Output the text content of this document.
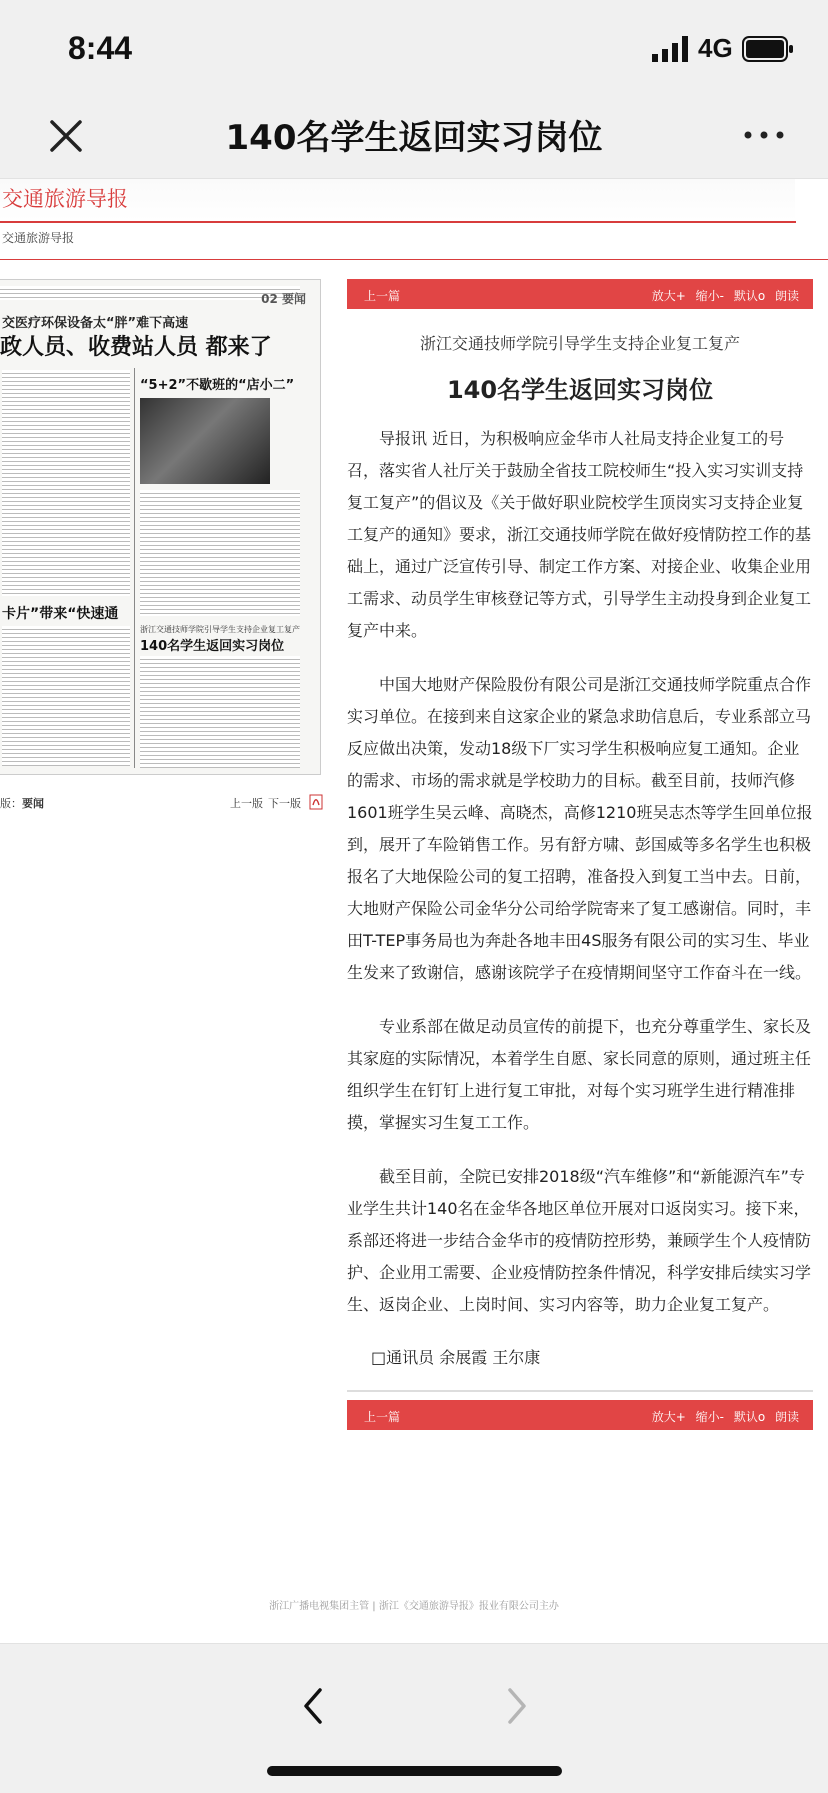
8:44	4G
140名学生返回实习岗位
交通旅游导报
交通旅游导报
02 要闻
交医疗环保设备太“胖”难下高速
政人员、收费站人员 都来了
“5+2”不歇班的“店小二”
卡片”带来“快速通
浙江交通技师学院引导学生支持企业复工复产
140名学生返回实习岗位
版：要闻	上一版 下一版
上一篇	放大+ 缩小- 默认o 朗读
浙江交通技师学院引导学生支持企业复工复产
140名学生返回实习岗位

导报讯 近日，为积极响应金华市人社局支持企业复工的号召，落实省人社厅关于鼓励全省技工院校师生“投入实习实训支持复工复产”的倡议及《关于做好职业院校学生顶岗实习支持企业复工复产的通知》要求，浙江交通技师学院在做好疫情防控工作的基础上，通过广泛宣传引导、制定工作方案、对接企业、收集企业用工需求、动员学生审核登记等方式，引导学生主动投身到企业复工复产中来。

中国大地财产保险股份有限公司是浙江交通技师学院重点合作实习单位。在接到来自这家企业的紧急求助信息后，专业系部立马反应做出决策，发动18级下厂实习学生积极响应复工通知。企业的需求、市场的需求就是学校助力的目标。截至目前，技师汽修1601班学生吴云峰、高晓杰，高修1210班吴志杰等学生回单位报到，展开了车险销售工作。另有舒方啸、彭国威等多名学生也积极报名了大地保险公司的复工招聘，准备投入到复工当中去。日前，大地财产保险公司金华分公司给学院寄来了复工感谢信。同时，丰田T-TEP事务局也为奔赴各地丰田4S服务有限公司的实习生、毕业生发来了致谢信，感谢该院学子在疫情期间坚守工作奋斗在一线。

专业系部在做足动员宣传的前提下，也充分尊重学生、家长及其家庭的实际情况，本着学生自愿、家长同意的原则，通过班主任组织学生在钉钉上进行复工审批，对每个实习班学生进行精准排摸，掌握实习生复工工作。

截至目前，全院已安排2018级“汽车维修”和“新能源汽车”专业学生共计140名在金华各地区单位开展对口返岗实习。接下来，系部还将进一步结合金华市的疫情防控形势，兼顾学生个人疫情防护、企业用工需要、企业疫情防控条件情况，科学安排后续实习学生、返岗企业、上岗时间、实习内容等，助力企业复工复产。

□通讯员 余展霞 王尔康
上一篇	放大+ 缩小- 默认o 朗读
浙江广播电视集团主管 | 浙江《交通旅游导报》报业有限公司主办
